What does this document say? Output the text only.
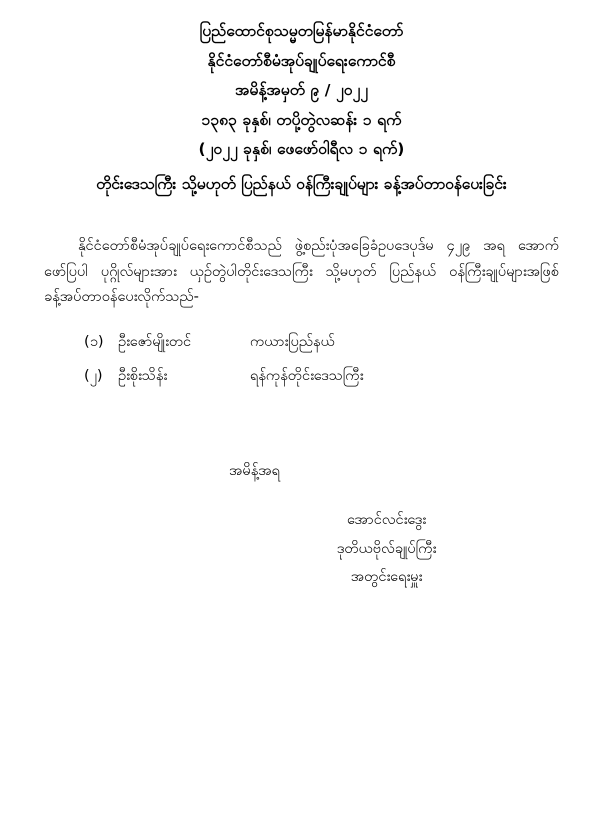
ပြည်ထောင်စုသမ္မတမြန်မာနိုင်ငံတော်
နိုင်ငံတော်စီမံအုပ်ချုပ်ရေးကောင်စီ
အမိန့်အမှတ် ၉ / ၂၀၂၂
၁၃၈၃ ခုနှစ်၊ တပို့တွဲလဆန်း ၁ ရက်
(၂၀၂၂ ခုနှစ်၊ ဖေဖော်ဝါရီလ ၁ ရက်)
တိုင်းဒေသကြီး သို့မဟုတ် ပြည်နယ် ဝန်ကြီးချုပ်များ ခန့်အပ်တာဝန်ပေးခြင်း
နိုင်ငံတော်စီမံအုပ်ချုပ်ရေးကောင်စီသည် ဖွဲ့စည်းပုံအခြေခံဥပဒေပုဒ်မ ၄၂၉ အရ အောက်ဖော်ပြပါ ပုဂ္ဂိုလ်များအား ယှဉ်တွဲပါတိုင်းဒေသကြီး သို့မဟုတ် ပြည်နယ် ဝန်ကြီးချုပ်များအဖြစ် ခန့်အပ်တာဝန်ပေးလိုက်သည်-
(၁) ဦးဇော်မျိုးတင်	ကယားပြည်နယ်
(၂)	ဦးစိုးသိန်း	ရန်ကုန်တိုင်းဒေသကြီး
အမိန့်အရ
အောင်လင်းဒွေး
ဒုတိယဗိုလ်ချုပ်ကြီး
အတွင်းရေးမှူး
